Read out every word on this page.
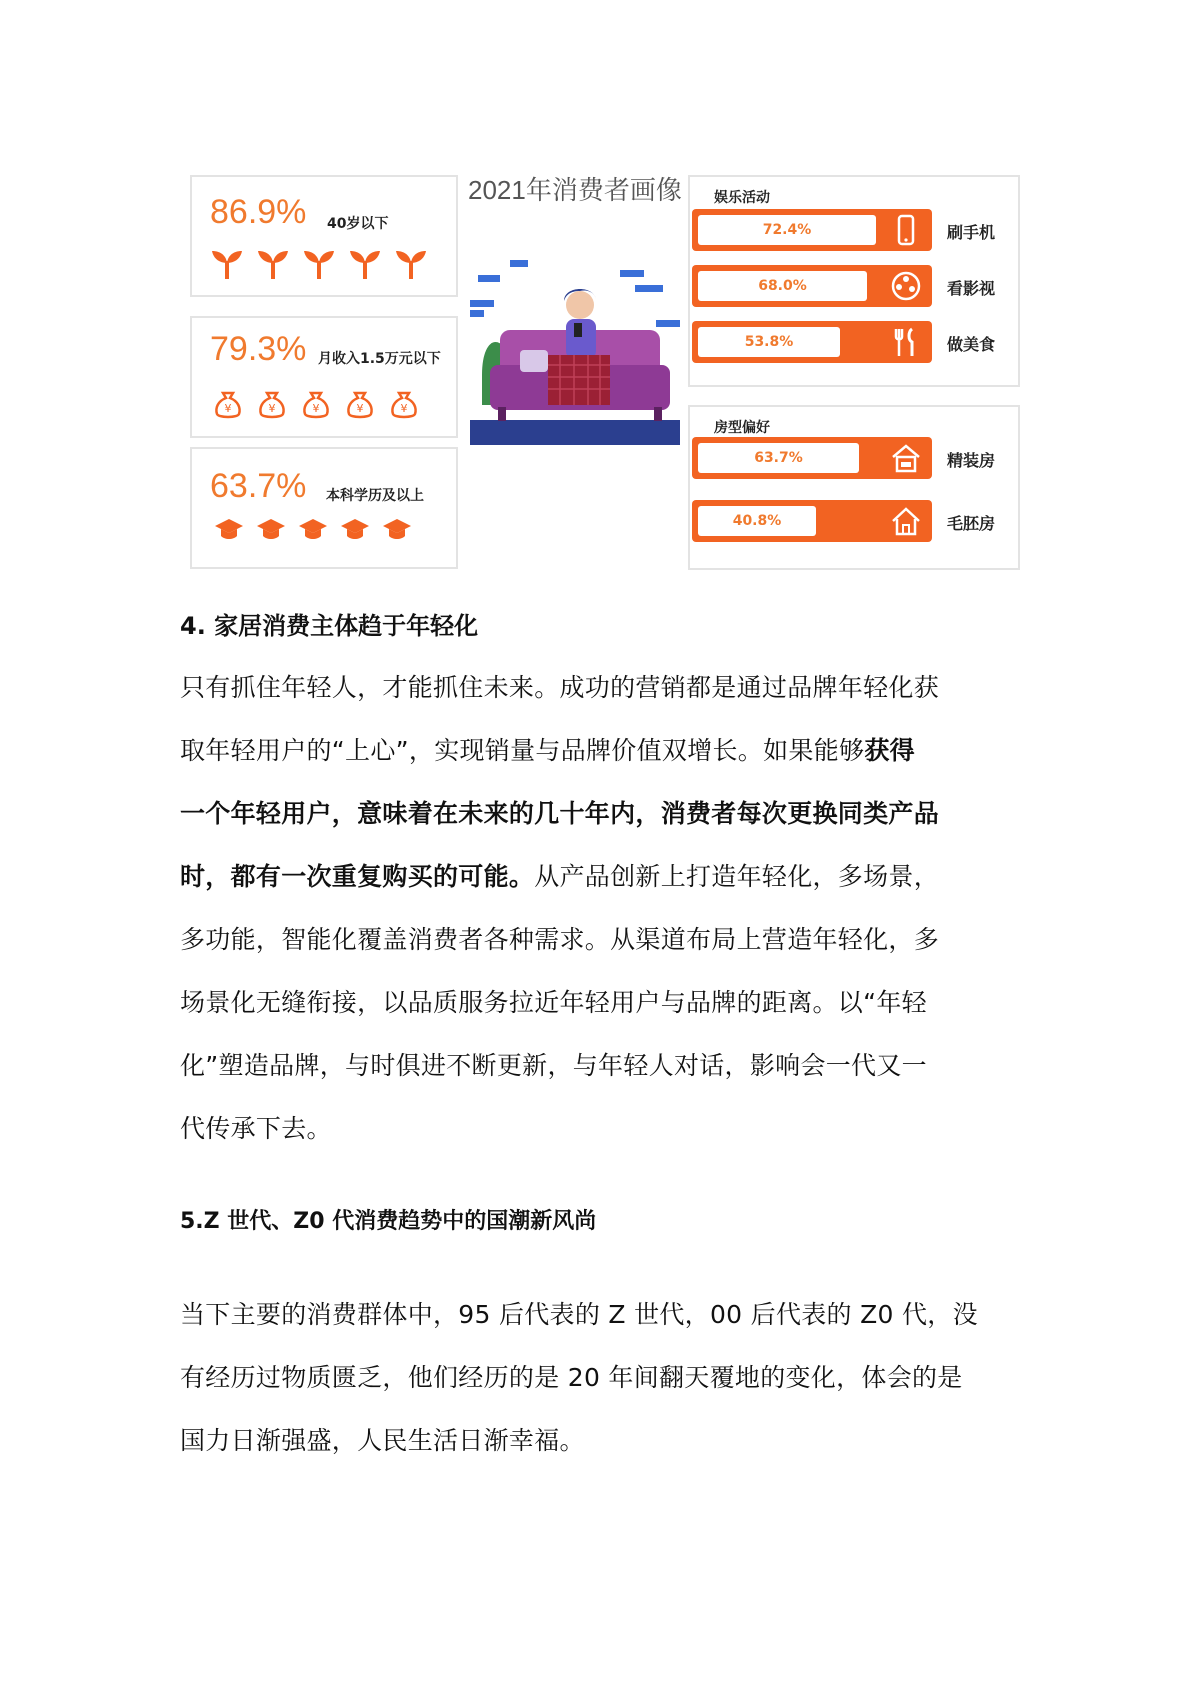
86.9% 40岁以下
79.3% 月收入1.5万元以下
¥	¥	¥	¥	¥
63.7% 本科学历及以上
2021年消费者画像 娱乐活动
72.4%	刷手机
68.0%	看影视
53.8%	做美食
房型偏好
63.7%	精装房
40.8%	毛胚房
4. 家居消费主体趋于年轻化

只有抓住年轻人，才能抓住未来。成功的营销都是通过品牌年轻化获

取年轻用户的“上心”，实现销量与品牌价值双增长。如果能够获得

一个年轻用户，意味着在未来的几十年内，消费者每次更换同类产品

时，都有一次重复购买的可能。从产品创新上打造年轻化，多场景，

多功能，智能化覆盖消费者各种需求。从渠道布局上营造年轻化，多

场景化无缝衔接，以品质服务拉近年轻用户与品牌的距离。以“年轻

化”塑造品牌，与时俱进不断更新，与年轻人对话，影响会一代又一

代传承下去。

5.Z 世代、Z0 代消费趋势中的国潮新风尚

当下主要的消费群体中，95 后代表的 Z 世代，00 后代表的 Z0 代，没

有经历过物质匮乏，他们经历的是 20 年间翻天覆地的变化，体会的是

国力日渐强盛，人民生活日渐幸福。
